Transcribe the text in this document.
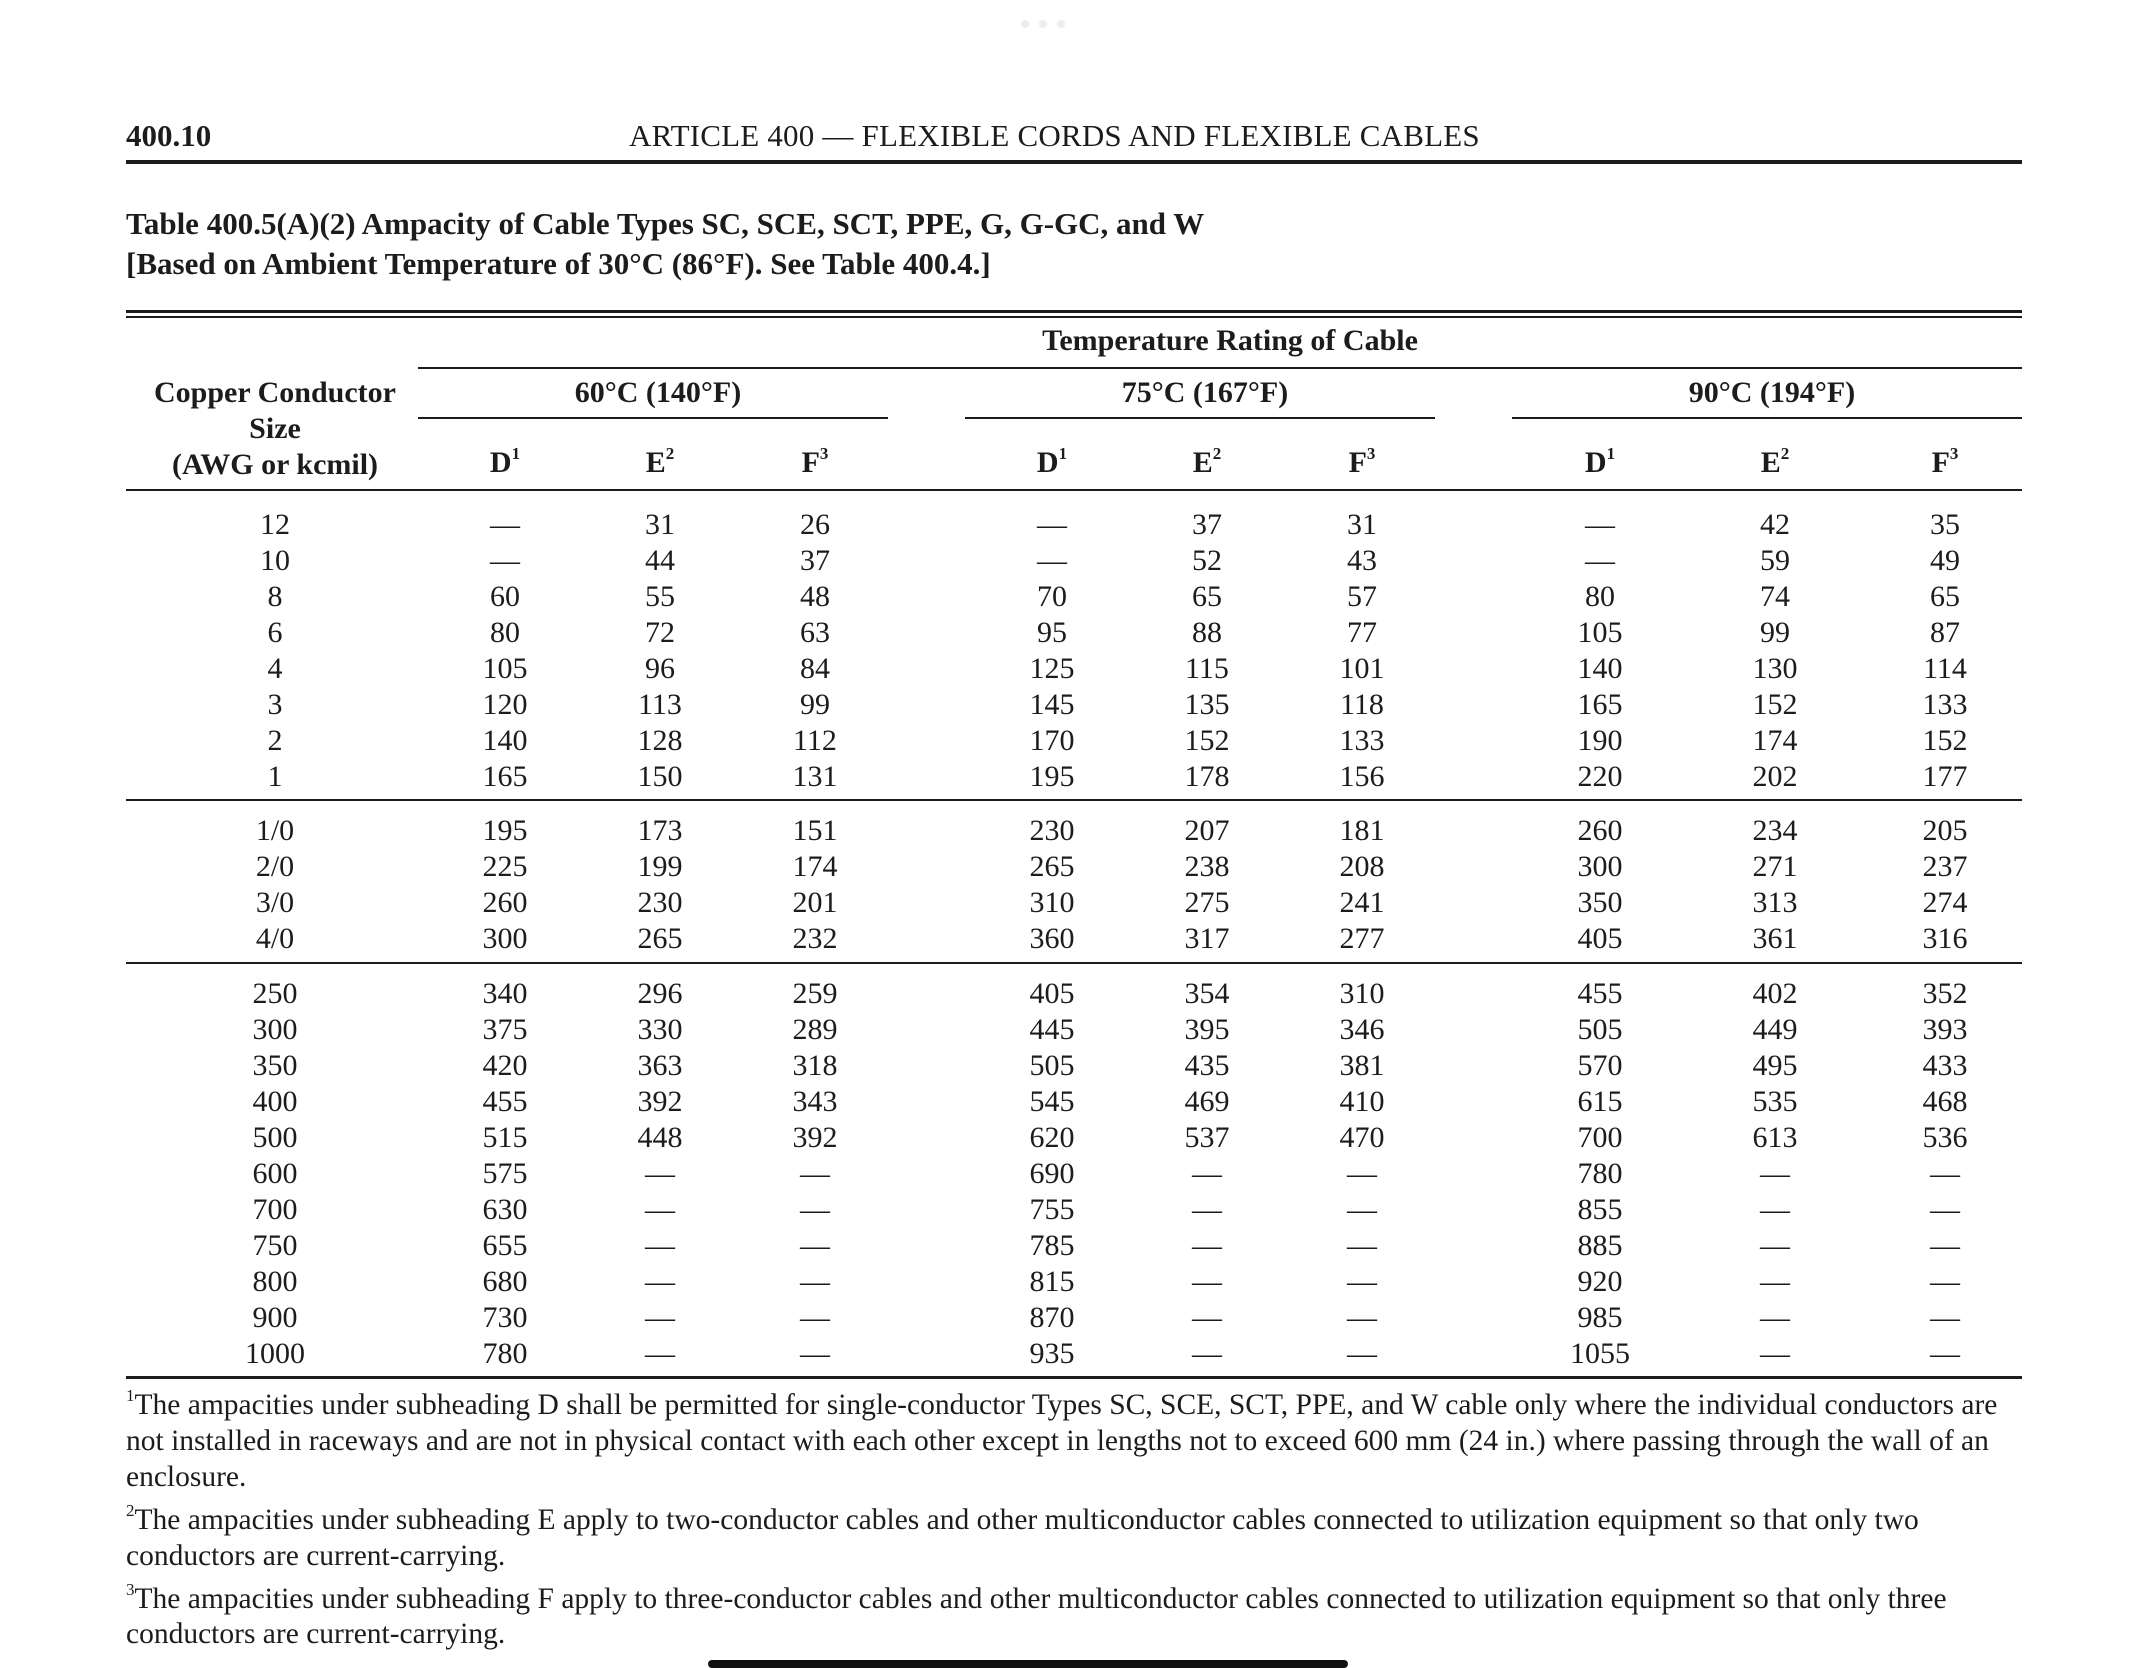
400.10	ARTICLE 400 — FLEXIBLE CORDS AND FLEXIBLE CABLES
Table 400.5(A)(2) Ampacity of Cable Types SC, SCE, SCT, PPE, G, G-GC, and W
[Based on Ambient Temperature of 30°C (86°F). See Table 400.4.]
Temperature Rating of Cable
Copper Conductor
Size
(AWG or kcmil)
60°C (140°F)	75°C (167°F)	90°C (194°F)
$D^1$	$E^2$	$F^3$	$D^1$	$E^2$	$F^3$	$D^1$	$E^2$	$F^3$
12	—	31	26	—	37	31	—	42	35
10	—	44	37	—	52	43	—	59	49
8	60	55	48	70	65	57	80	74	65
6	80	72	63	95	88	77	105	99	87
4	105	96	84	125	115	101	140	130	114
3	120	113	99	145	135	118	165	152	133
2	140	128	112	170	152	133	190	174	152
1	165	150	131	195	178	156	220	202	177
1/0	195	173	151	230	207	181	260	234	205
2/0	225	199	174	265	238	208	300	271	237
3/0	260	230	201	310	275	241	350	313	274
4/0	300	265	232	360	317	277	405	361	316
250	340	296	259	405	354	310	455	402	352
300	375	330	289	445	395	346	505	449	393
350	420	363	318	505	435	381	570	495	433
400	455	392	343	545	469	410	615	535	468
500	515	448	392	620	537	470	700	613	536
600	575	—	—	690	—	—	780	—	—
700	630	—	—	755	—	—	855	—	—
750	655	—	—	785	—	—	885	—	—
800	680	—	—	815	—	—	920	—	—
900	730	—	—	870	—	—	985	—	—
1000	780	—	—	935	—	—	1055	—	—

$^1$The ampacities under subheading D shall be permitted for single-conductor Types SC, SCE, SCT, PPE, and W cable only where the individual conductors are not installed in raceways and are not in physical contact with each other except in lengths not to exceed 600 mm (24 in.) where passing through the wall of an enclosure.

$^2$The ampacities under subheading E apply to two-conductor cables and other multiconductor cables connected to utilization equipment so that only two conductors are current-carrying.

$^3$The ampacities under subheading F apply to three-conductor cables and other multiconductor cables connected to utilization equipment so that only three conductors are current-carrying.
